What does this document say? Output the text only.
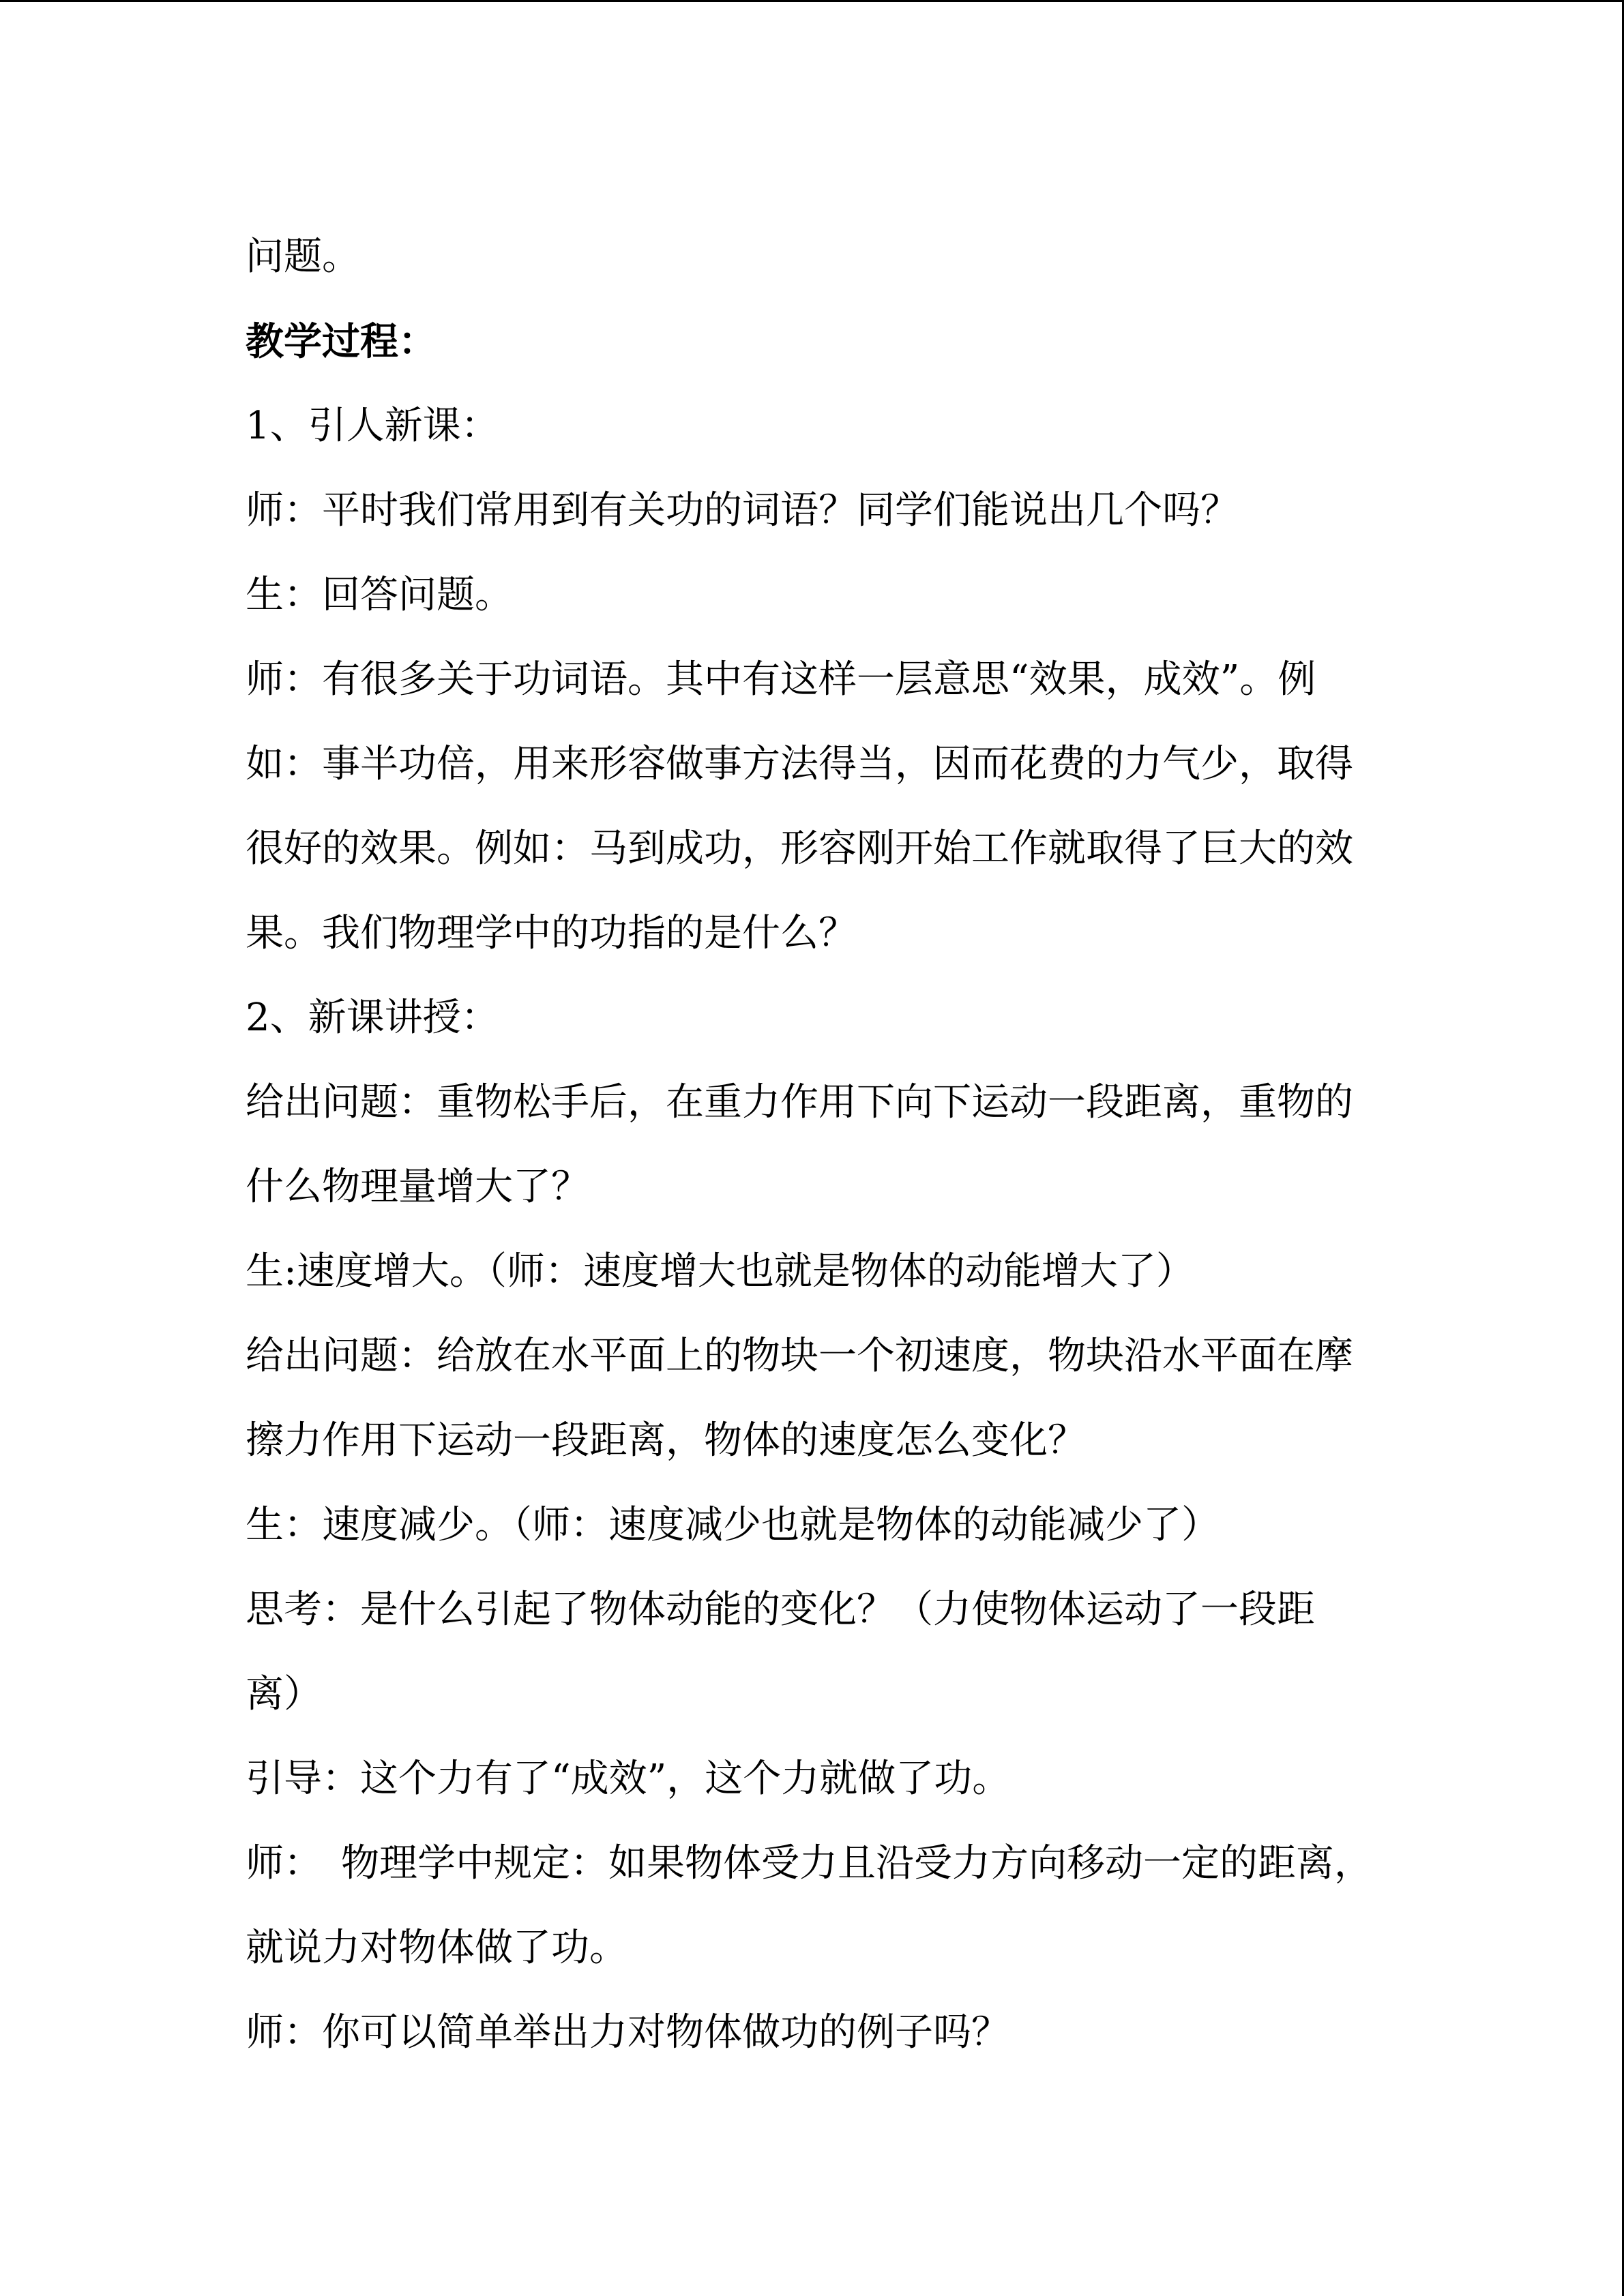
问题。

教学过程：

1、引人新课：

师：平时我们常用到有关功的词语？同学们能说出几个吗？

生：回答问题。

师：有很多关于功词语。其中有这样一层意思“效果，成效”。例

如：事半功倍，用来形容做事方法得当，因而花费的力气少，取得

很好的效果。例如：马到成功，形容刚开始工作就取得了巨大的效

果。我们物理学中的功指的是什么？

2、新课讲授：

给出问题：重物松手后，在重力作用下向下运动一段距离，重物的

什么物理量增大了？

生:速度增大。（师：速度增大也就是物体的动能增大了）

给出问题：给放在水平面上的物块一个初速度，物块沿水平面在摩

擦力作用下运动一段距离，物体的速度怎么变化？

生：速度减少。（师：速度减少也就是物体的动能减少了）

思考：是什么引起了物体动能的变化？（力使物体运动了一段距

离）

引导：这个力有了“成效”，这个力就做了功。

师：　物理学中规定：如果物体受力且沿受力方向移动一定的距离，

就说力对物体做了功。

师：你可以简单举出力对物体做功的例子吗？
